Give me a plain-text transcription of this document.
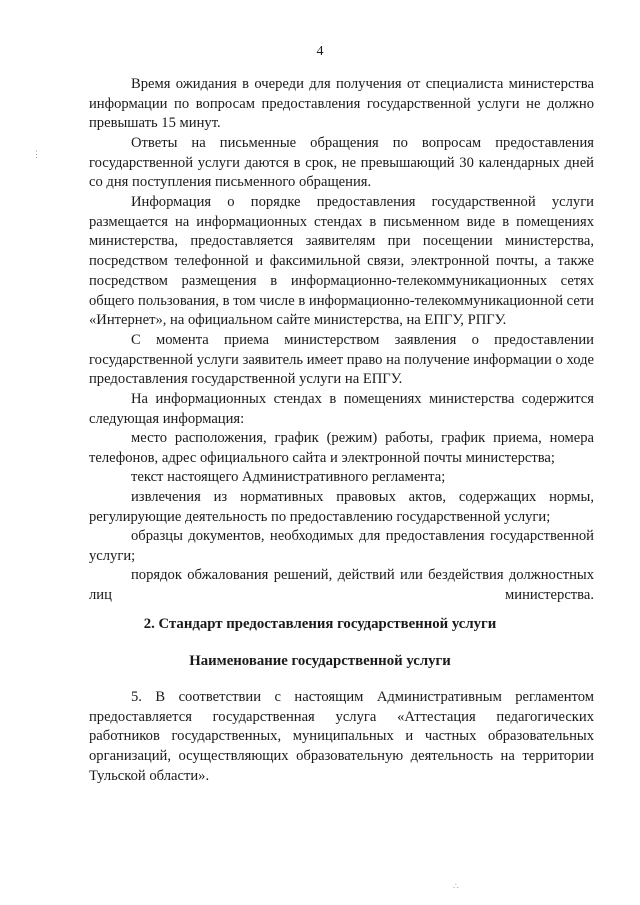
4
Время ожидания в очереди для получения от специалиста министерства информации по вопросам предоставления государственной услуги не должно превышать 15 минут.
Ответы на письменные обращения по вопросам предоставления государственной услуги даются в срок, не превышающий 30 календарных дней со дня поступления письменного обращения.
Информация о порядке предоставления государственной услуги размещается на информационных стендах в письменном виде в помещениях министерства, предоставляется заявителям при посещении министерства, посредством телефонной и факсимильной связи, электронной почты, а также посредством размещения в информационно-телекоммуникационных сетях общего пользования, в том числе в информационно-телекоммуникационной сети «Интернет», на официальном сайте министерства, на ЕПГУ, РПГУ.
С момента приема министерством заявления о предоставлении государственной услуги заявитель имеет право на получение информации о ходе предоставления государственной услуги на ЕПГУ.
На информационных стендах в помещениях министерства содержится следующая информация:
место расположения, график (режим) работы, график приема, номера телефонов, адрес официального сайта и электронной почты министерства;
текст настоящего Административного регламента;
извлечения из нормативных правовых актов, содержащих нормы, регулирующие деятельность по предоставлению государственной услуги;
образцы документов, необходимых для предоставления государственной услуги;
порядок обжалования решений, действий или бездействия должностных лиц министерства.
2. Стандарт предоставления государственной услуги
Наименование государственной услуги
5. В соответствии с настоящим Административным регламентом предоставляется государственная услуга «Аттестация педагогических работников государственных, муниципальных и частных образовательных организаций, осуществляющих образовательную деятельность на территории Тульской области».
⋮
∴
